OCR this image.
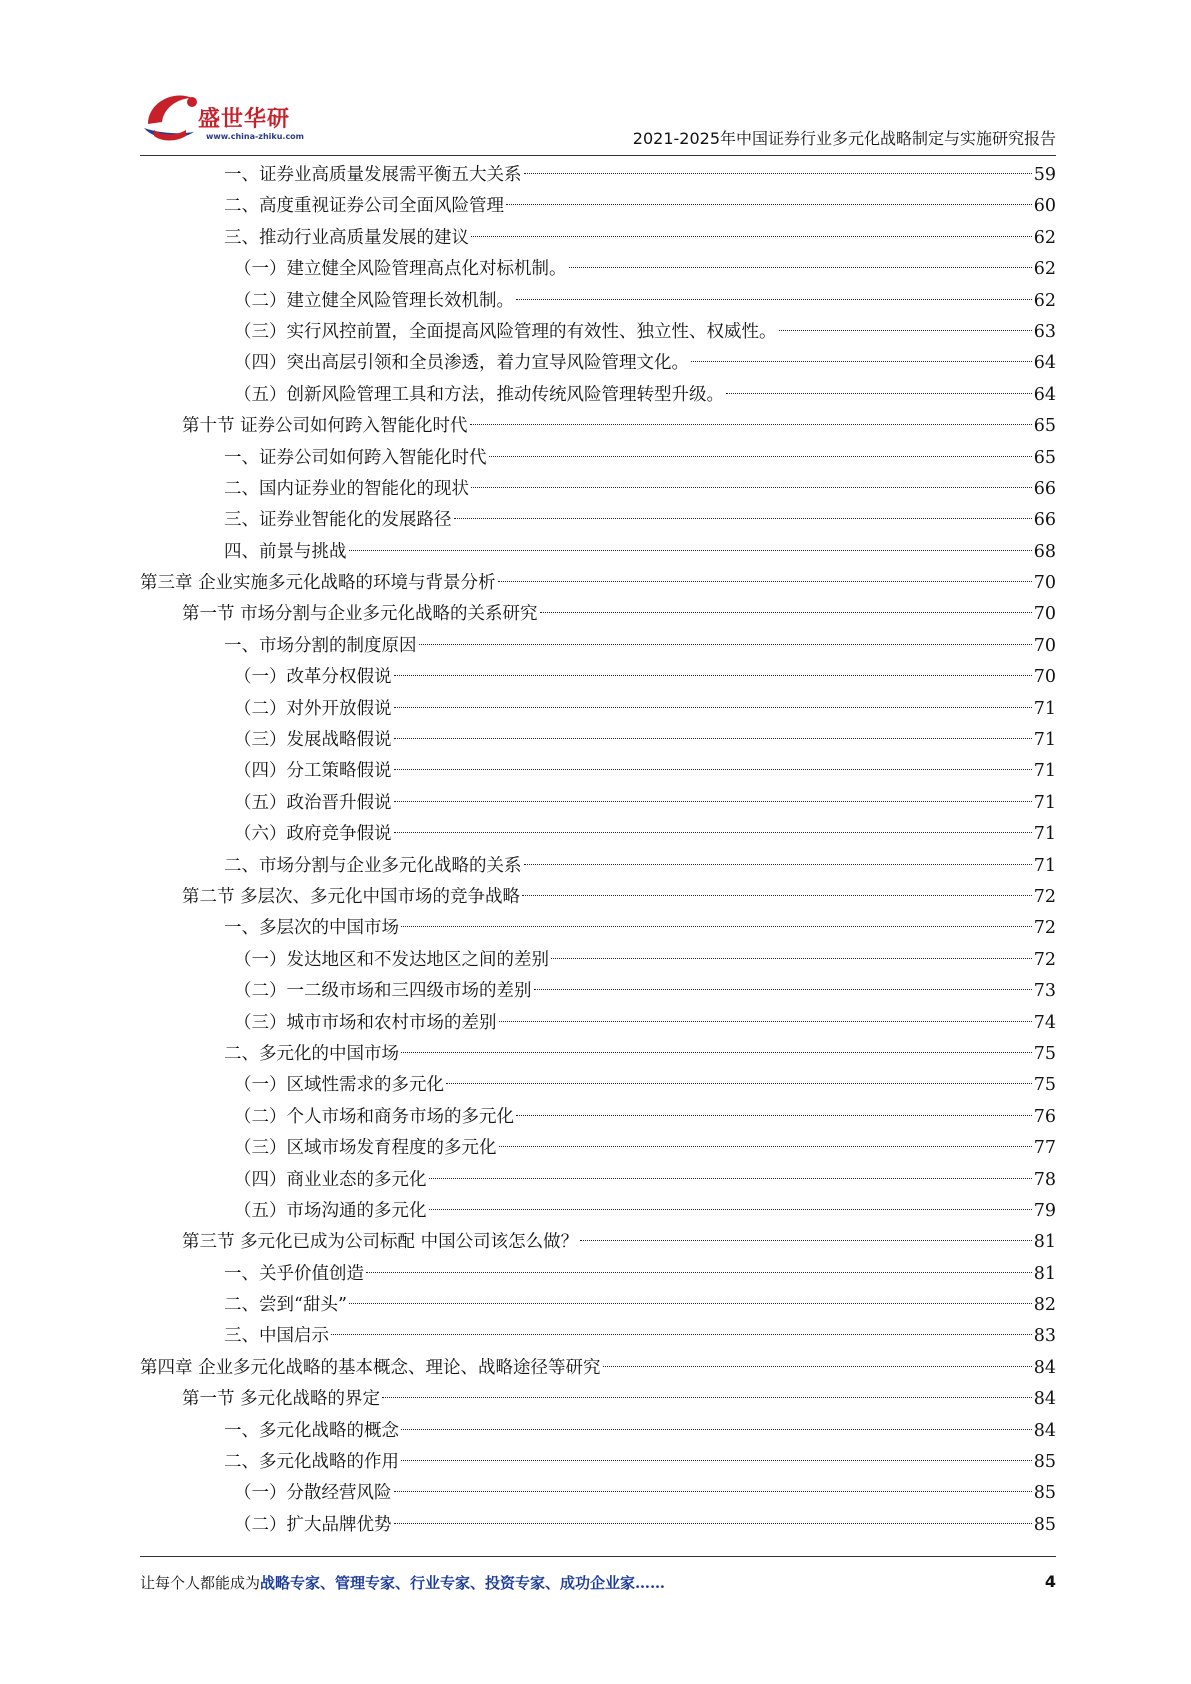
盛世华研
www.china-zhiku.com	2021-2025年中国证券行业多元化战略制定与实施研究报告
一、证券业高质量发展需平衡五大关系	59
二、高度重视证券公司全面风险管理	60
三、推动行业高质量发展的建议	62
（一）建立健全风险管理高点化对标机制。	62
（二）建立健全风险管理长效机制。	62
（三）实行风控前置，全面提高风险管理的有效性、独立性、权威性。	63
（四）突出高层引领和全员渗透，着力宣导风险管理文化。	64
（五）创新风险管理工具和方法，推动传统风险管理转型升级。	64
第十节 证券公司如何跨入智能化时代	65
一、证券公司如何跨入智能化时代	65
二、国内证券业的智能化的现状	66
三、证券业智能化的发展路径	66
四、前景与挑战	68
第三章 企业实施多元化战略的环境与背景分析	70
第一节 市场分割与企业多元化战略的关系研究	70
一、市场分割的制度原因	70
（一）改革分权假说	70
（二）对外开放假说	71
（三）发展战略假说	71
（四）分工策略假说	71
（五）政治晋升假说	71
（六）政府竞争假说	71
二、市场分割与企业多元化战略的关系	71
第二节 多层次、多元化中国市场的竞争战略	72
一、多层次的中国市场	72
（一）发达地区和不发达地区之间的差别	72
（二）一二级市场和三四级市场的差别	73
（三）城市市场和农村市场的差别	74
二、多元化的中国市场	75
（一）区域性需求的多元化	75
（二）个人市场和商务市场的多元化	76
（三）区域市场发育程度的多元化	77
（四）商业业态的多元化	78
（五）市场沟通的多元化	79
第三节 多元化已成为公司标配 中国公司该怎么做？	81
一、关乎价值创造	81
二、尝到“甜头”	82
三、中国启示	83
第四章 企业多元化战略的基本概念、理论、战略途径等研究	84
第一节 多元化战略的界定	84
一、多元化战略的概念	84
二、多元化战略的作用	85
（一）分散经营风险	85
（二）扩大品牌优势	85
让每个人都能成为战略专家、管理专家、行业专家、投资专家、成功企业家……	4
